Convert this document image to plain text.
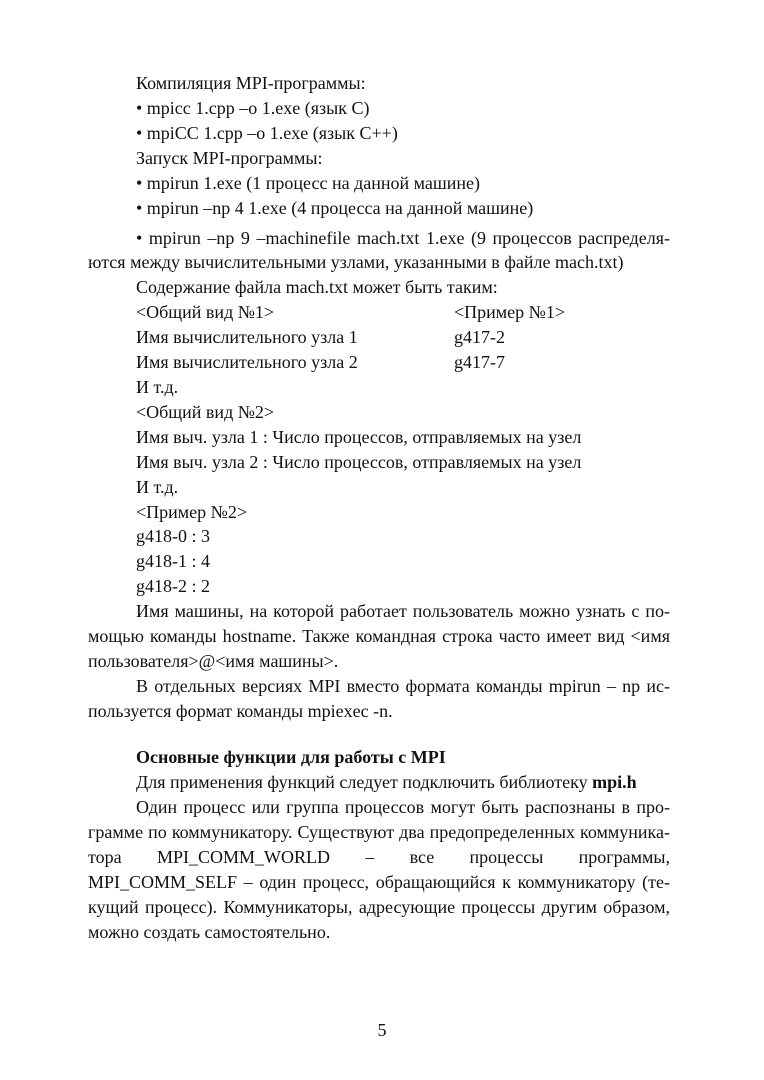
Компиляция MPI-программы:
• mpicc 1.cpp –o 1.exe (язык С)
• mpiCC 1.cpp –o 1.exe (язык С++)
Запуск MPI-программы:
• mpirun 1.exe (1 процесс на данной машине)
• mpirun –np 4 1.exe (4 процесса на данной машине)
• mpirun –np 9 –machinefile mach.txt 1.exe (9 процессов распределя-
ются между вычислительными узлами, указанными в файле mach.txt)
Содержание файла mach.txt может быть таким:
<Общий вид №1>	<Пример №1>
Имя вычислительного узла 1	g417-2
Имя вычислительного узла 2	g417-7
И т.д.
<Общий вид №2>
Имя выч. узла 1 : Число процессов, отправляемых на узел
Имя выч. узла 2 : Число процессов, отправляемых на узел
И т.д.
<Пример №2>
g418-0 : 3
g418-1 : 4
g418-2 : 2
Имя машины, на которой работает пользователь можно узнать с по-
мощью команды hostname. Также командная строка часто имеет вид <имя
пользователя>@<имя машины>.
В отдельных версиях MPI вместо формата команды mpirun – np ис-
пользуется формат команды mpiexec -n.
Основные функции для работы с MPI
Для применения функций следует подключить библиотеку mpi.h
Один процесс или группа процессов могут быть распознаны в про-
грамме по коммуникатору. Существуют два предопределенных коммуника-
тора MPI_COMM_WORLD – все процессы программы,
MPI_COMM_SELF – один процесс, обращающийся к коммуникатору (те-
кущий процесс). Коммуникаторы, адресующие процессы другим образом,
можно создать самостоятельно.
5
